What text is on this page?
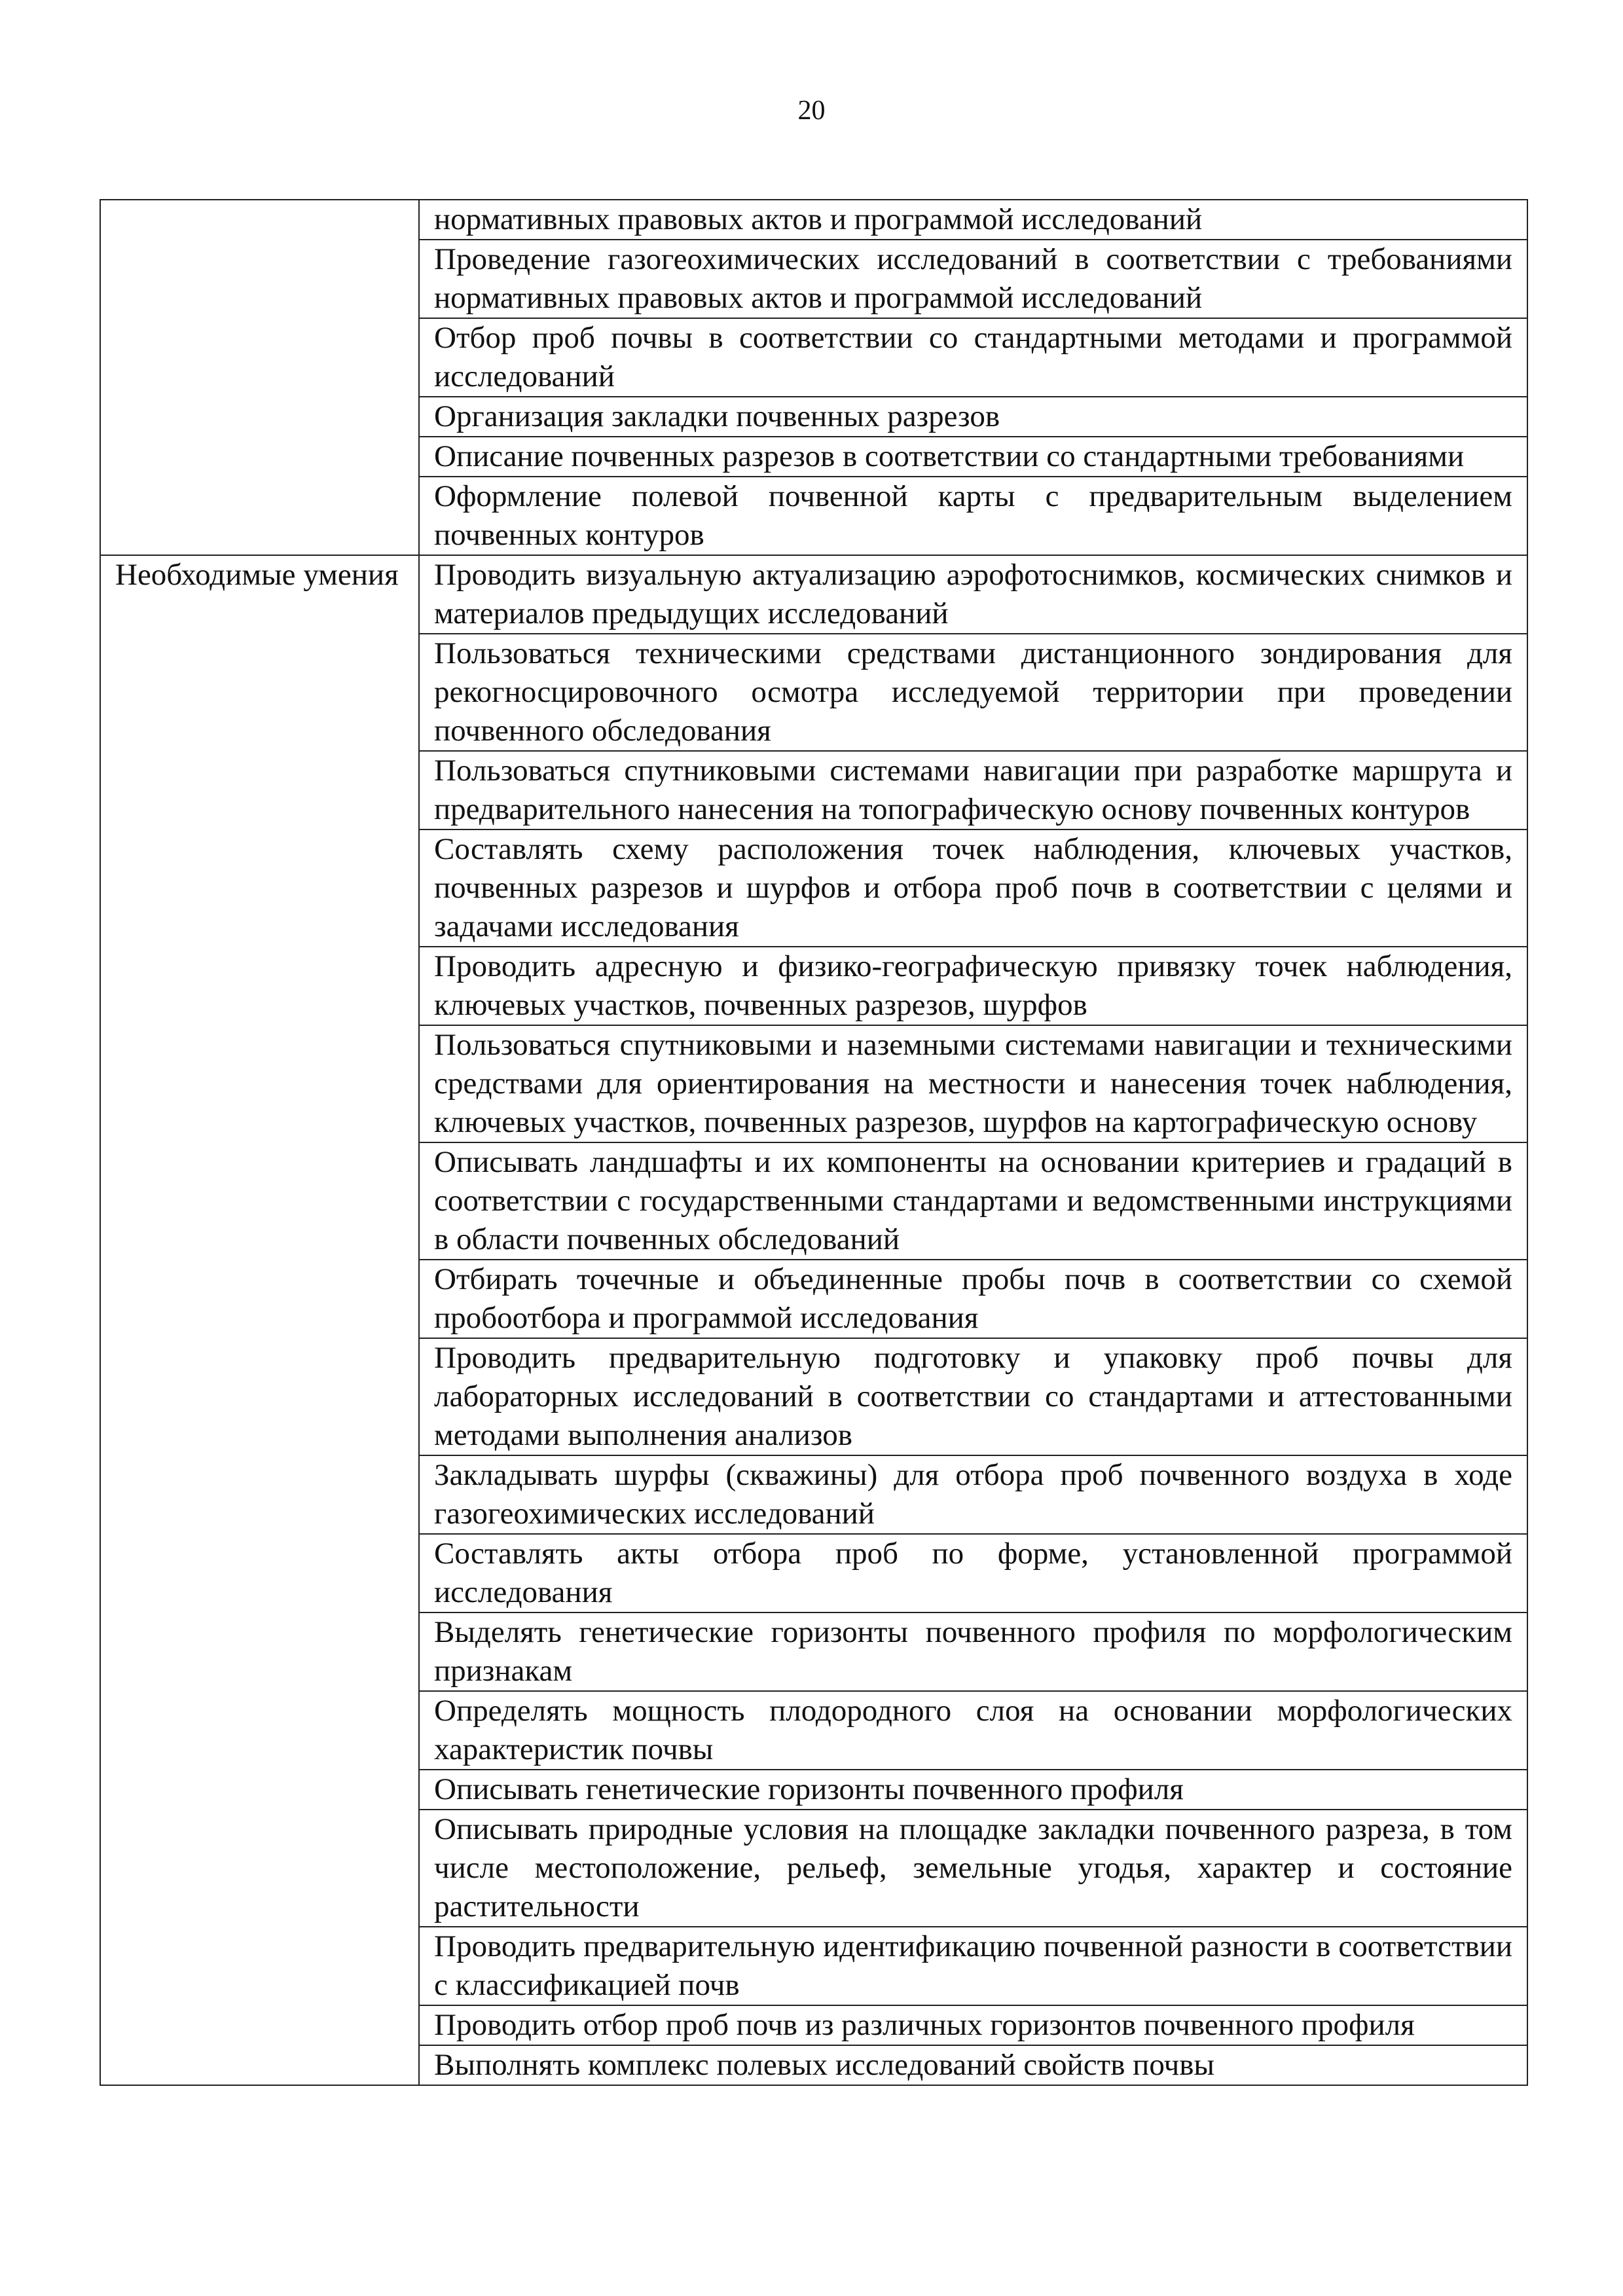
20
	нормативных правовых актов и программой исследований
	Проведение газогеохимических исследований в соответствии с требованиями нормативных правовых актов и программой исследований
	Отбор проб почвы в соответствии со стандартными методами и программой исследований
	Организация закладки почвенных разрезов
	Описание почвенных разрезов в соответствии со стандартными требованиями
	Оформление полевой почвенной карты с предварительным выделением почвенных контуров
Необходимые умения	Проводить визуальную актуализацию аэрофотоснимков, космических снимков и материалов предыдущих исследований
	Пользоваться техническими средствами дистанционного зондирования для рекогносцировочного осмотра исследуемой территории при проведении почвенного обследования
	Пользоваться спутниковыми системами навигации при разработке маршрута и предварительного нанесения на топографическую основу почвенных контуров
	Составлять схему расположения точек наблюдения, ключевых участков, почвенных разрезов и шурфов и отбора проб почв в соответствии с целями и задачами исследования
	Проводить адресную и физико-географическую привязку точек наблюдения, ключевых участков, почвенных разрезов, шурфов
	Пользоваться спутниковыми и наземными системами навигации и техническими средствами для ориентирования на местности и нанесения точек наблюдения, ключевых участков, почвенных разрезов, шурфов на картографическую основу
	Описывать ландшафты и их компоненты на основании критериев и градаций в соответствии с государственными стандартами и ведомственными инструкциями в области почвенных обследований
	Отбирать точечные и объединенные пробы почв в соответствии со схемой пробоотбора и программой исследования
	Проводить предварительную подготовку и упаковку проб почвы для лабораторных исследований в соответствии со стандартами и аттестованными методами выполнения анализов
	Закладывать шурфы (скважины) для отбора проб почвенного воздуха в ходе газогеохимических исследований
	Составлять акты отбора проб по форме, установленной программой исследования
	Выделять генетические горизонты почвенного профиля по морфологическим признакам
	Определять мощность плодородного слоя на основании морфологических характеристик почвы
	Описывать генетические горизонты почвенного профиля
	Описывать природные условия на площадке закладки почвенного разреза, в том числе местоположение, рельеф, земельные угодья, характер и состояние растительности
	Проводить предварительную идентификацию почвенной разности в соответствии с классификацией почв
	Проводить отбор проб почв из различных горизонтов почвенного профиля
	Выполнять комплекс полевых исследований свойств почвы
